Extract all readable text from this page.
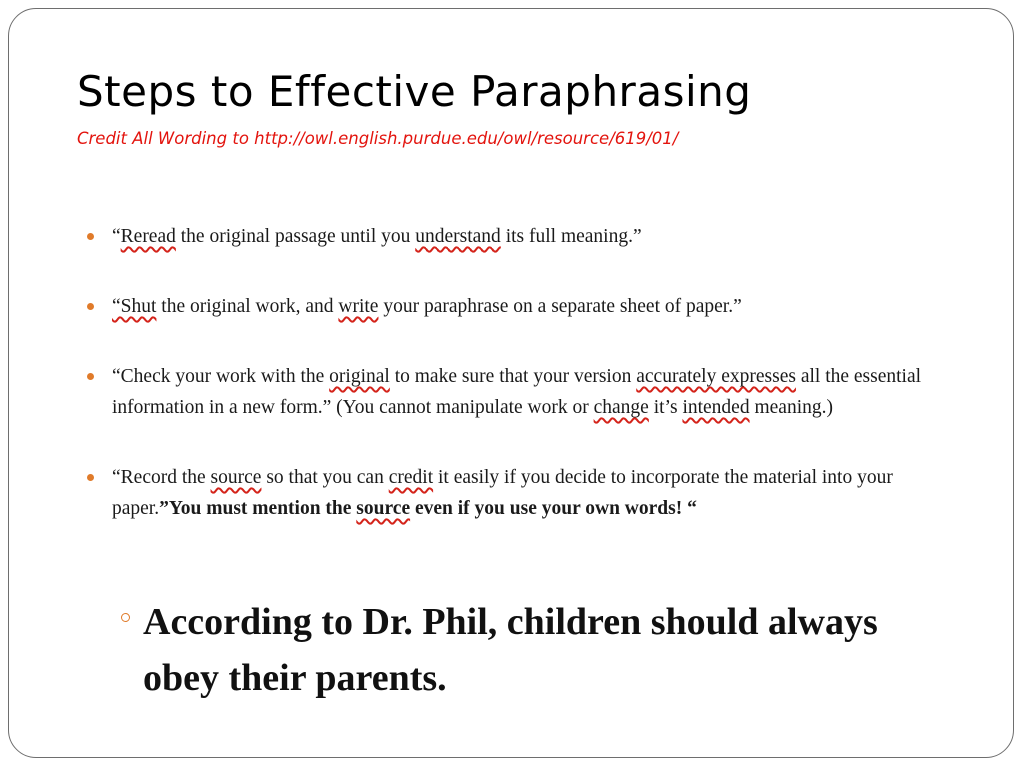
Steps to Effective Paraphrasing
Credit All Wording to http://owl.english.purdue.edu/owl/resource/619/01/
“Reread the original passage until you understand its full meaning.”
“Shut the original work, and write your paraphrase on a separate sheet of paper.”
“Check your work with the original to make sure that your version accurately expresses all the essential information in a new form.” (You cannot manipulate work or change it’s intended meaning.)
“Record the source so that you can credit it easily if you decide to incorporate the material into your paper.”You must mention the source even if you use your own words! “
According to Dr. Phil, children should always obey their parents.
